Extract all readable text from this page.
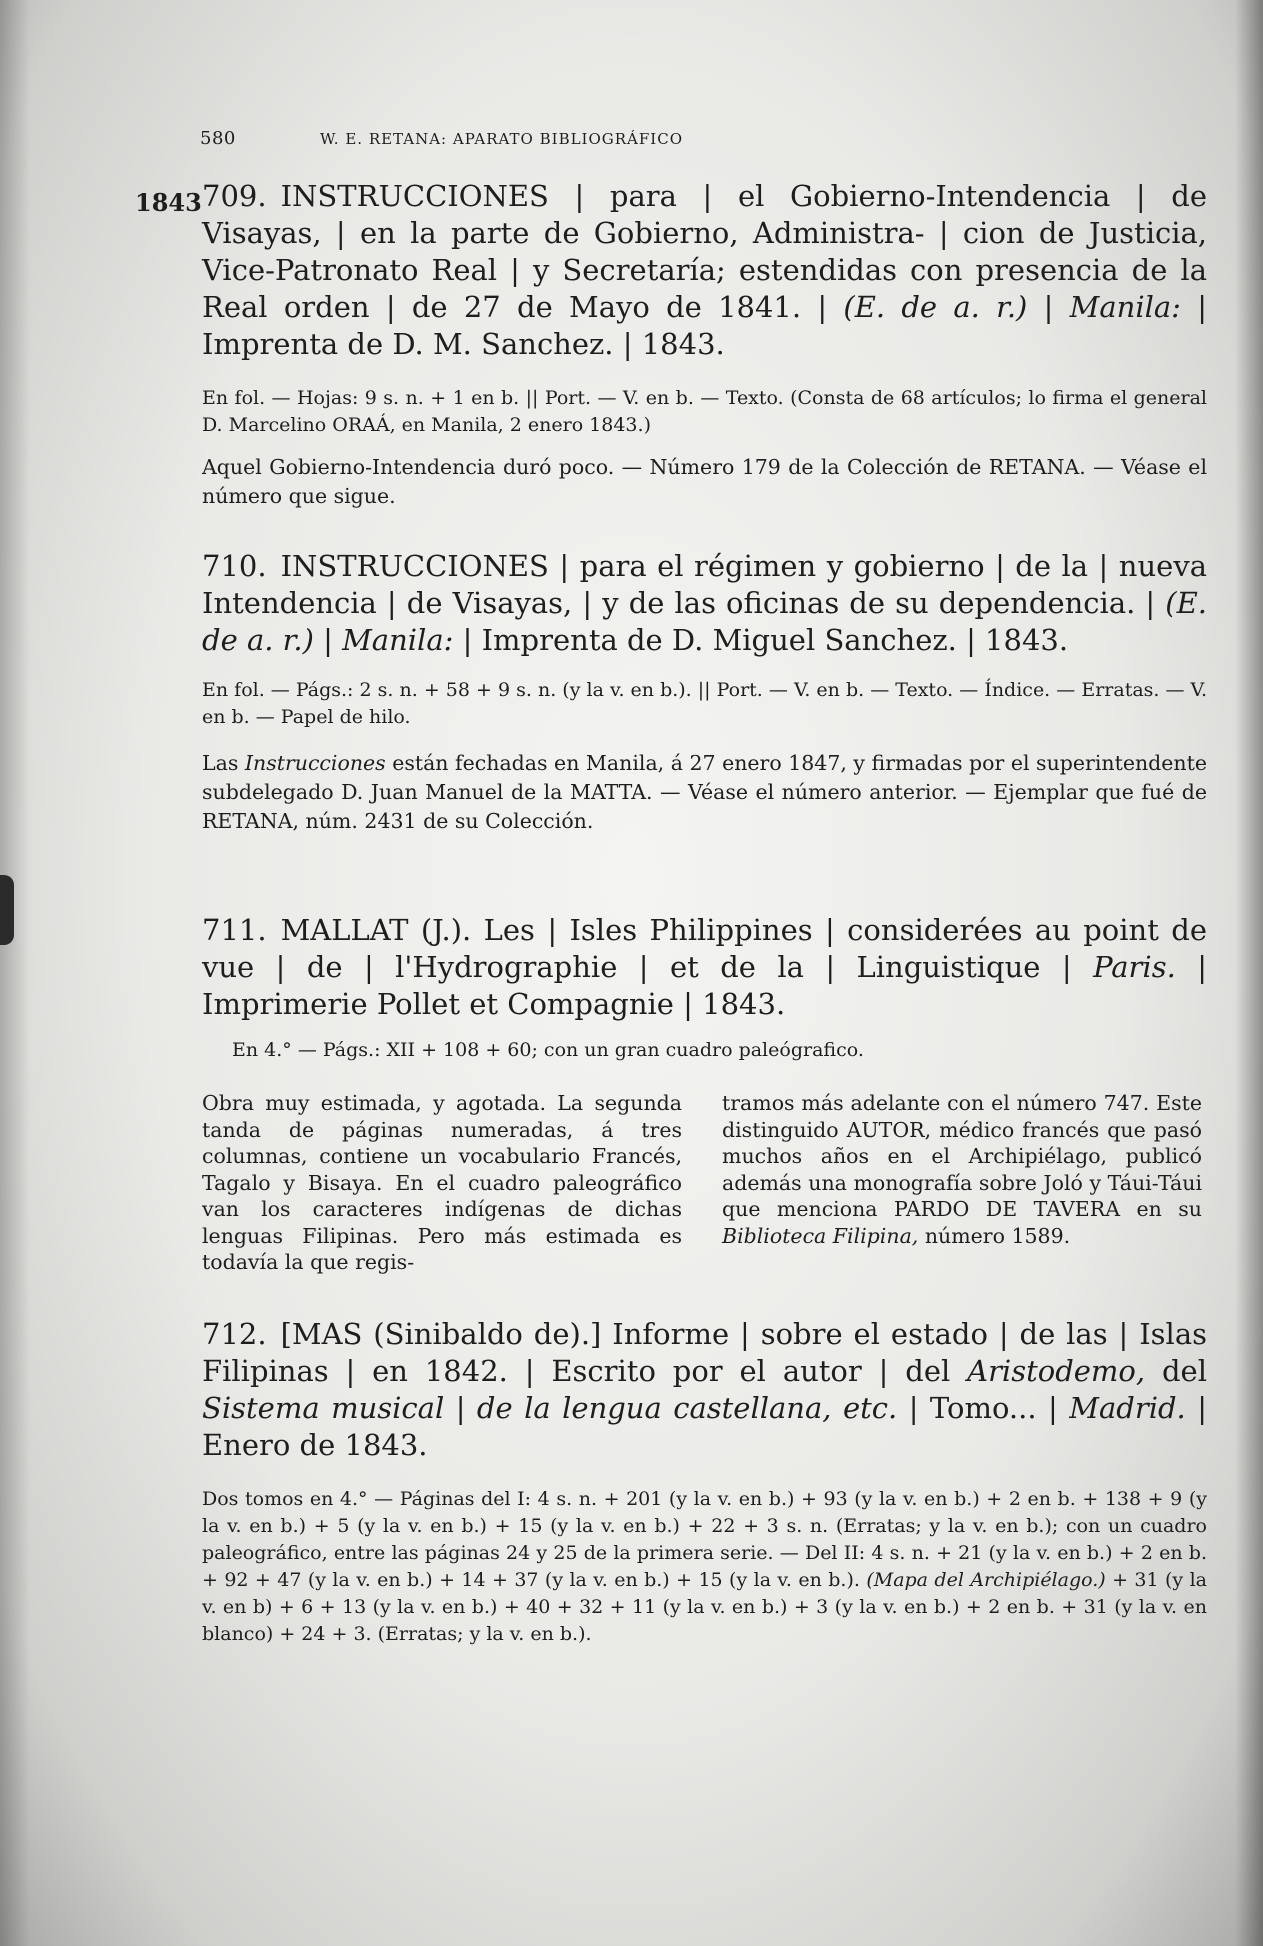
580	W. E. RETANA: APARATO BIBLIOGRÁFICO
1843 709. INSTRUCCIONES | para | el Gobierno-Intendencia | de Visayas, | en la parte de Gobierno, Administra- | cion de Justicia, Vice-Patronato Real | y Secretaría; estendidas con presencia de la Real orden | de 27 de Mayo de 1841. | (E. de a. r.) | Manila: | Imprenta de D. M. Sanchez. | 1843.

En fol. — Hojas: 9 s. n. + 1 en b. || Port. — V. en b. — Texto. (Consta de 68 artículos; lo firma el general D. Marcelino ORAÁ, en Manila, 2 enero 1843.)

Aquel Gobierno-Intendencia duró poco. — Número 179 de la Colección de RETANA. — Véase el número que sigue.

710. INSTRUCCIONES | para el régimen y gobierno | de la | nueva Intendencia | de Visayas, | y de las oficinas de su dependencia. | (E. de a. r.) | Manila: | Imprenta de D. Miguel Sanchez. | 1843.

En fol. — Págs.: 2 s. n. + 58 + 9 s. n. (y la v. en b.). || Port. — V. en b. — Texto. — Índice. — Erratas. — V. en b. — Papel de hilo.

Las Instrucciones están fechadas en Manila, á 27 enero 1847, y firmadas por el superintendente subdelegado D. Juan Manuel de la MATTA. — Véase el número anterior. — Ejemplar que fué de RETANA, núm. 2431 de su Colección.

711. MALLAT (J.). Les | Isles Philippines | considerées au point de vue | de | l'Hydrographie | et de la | Linguistique | Paris. | Imprimerie Pollet et Compagnie | 1843.

En 4.° — Págs.: XII + 108 + 60; con un gran cuadro paleógrafico.

Obra muy estimada, y agotada. La segunda tanda de páginas numeradas, á tres columnas, contiene un vocabulario Francés, Tagalo y Bisaya. En el cuadro paleográfico van los caracteres indígenas de dichas lenguas Filipinas. Pero más estimada es todavía la que regis-
tramos más adelante con el número 747. Este distinguido AUTOR, médico francés que pasó muchos años en el Archipiélago, publicó además una monografía sobre Joló y Táui-Táui que menciona PARDO DE TAVERA en su Biblioteca Filipina, número 1589.

712. [MAS (Sinibaldo de).] Informe | sobre el estado | de las | Islas Filipinas | en 1842. | Escrito por el autor | del Aristodemo, del Sistema musical | de la lengua castellana, etc. | Tomo... | Madrid. | Enero de 1843.

Dos tomos en 4.° — Páginas del I: 4 s. n. + 201 (y la v. en b.) + 93 (y la v. en b.) + 2 en b. + 138 + 9 (y la v. en b.) + 5 (y la v. en b.) + 15 (y la v. en b.) + 22 + 3 s. n. (Erratas; y la v. en b.); con un cuadro paleográfico, entre las páginas 24 y 25 de la primera serie. — Del II: 4 s. n. + 21 (y la v. en b.) + 2 en b. + 92 + 47 (y la v. en b.) + 14 + 37 (y la v. en b.) + 15 (y la v. en b.). (Mapa del Archipiélago.) + 31 (y la v. en b) + 6 + 13 (y la v. en b.) + 40 + 32 + 11 (y la v. en b.) + 3 (y la v. en b.) + 2 en b. + 31 (y la v. en blanco) + 24 + 3. (Erratas; y la v. en b.).
